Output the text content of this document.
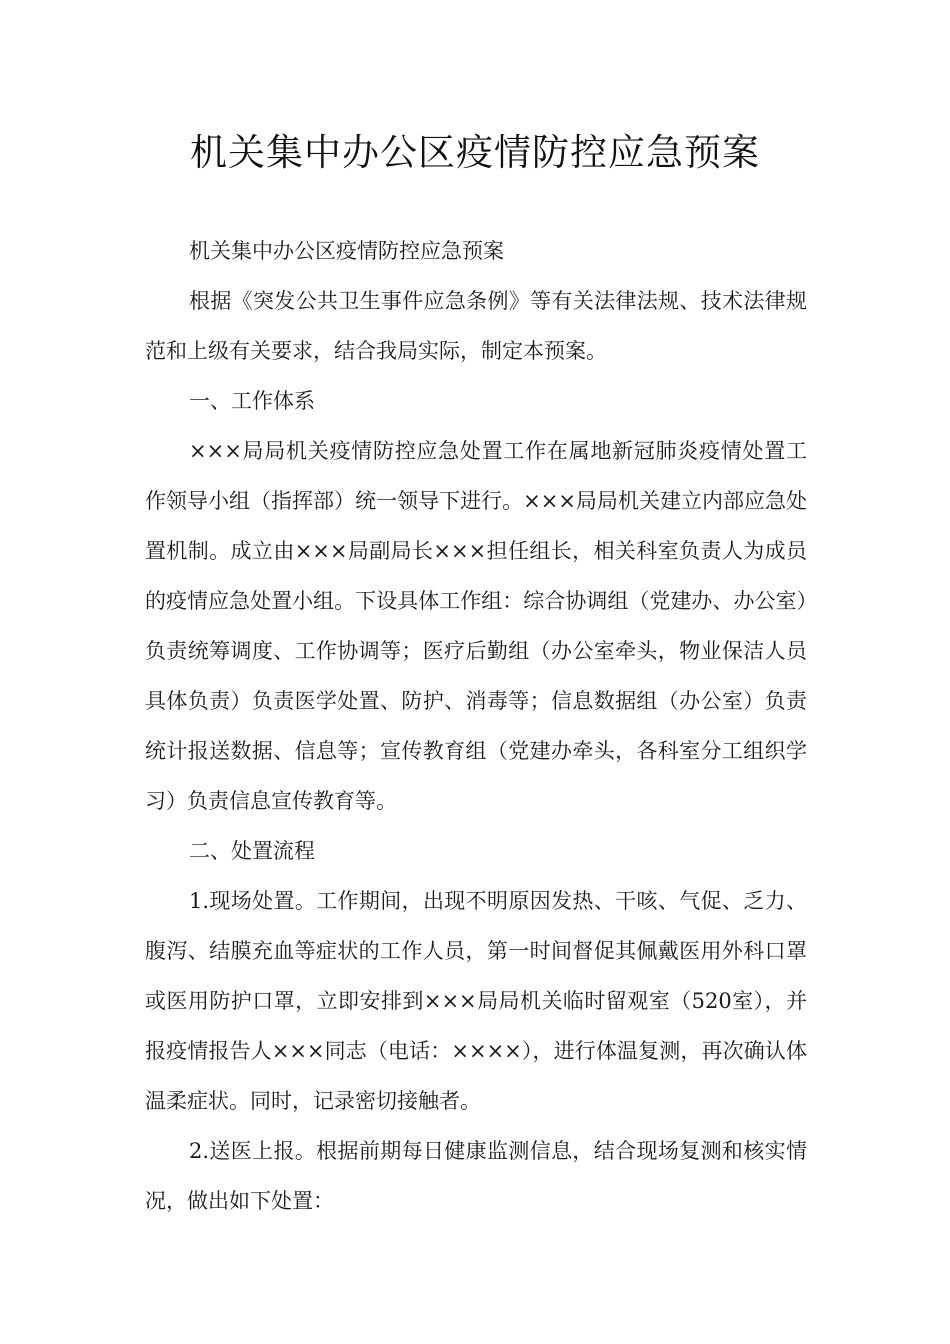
机关集中办公区疫情防控应急预案

机关集中办公区疫情防控应急预案

根据《突发公共卫生事件应急条例》等有关法律法规、技术法律规范和上级有关要求，结合我局实际，制定本预案。

一、工作体系

×××局局机关疫情防控应急处置工作在属地新冠肺炎疫情处置工作领导小组（指挥部）统一领导下进行。×××局局机关建立内部应急处置机制。成立由×××局副局长×××担任组长，相关科室负责人为成员的疫情应急处置小组。下设具体工作组：综合协调组（党建办、办公室）负责统筹调度、工作协调等；医疗后勤组（办公室牵头，物业保洁人员具体负责）负责医学处置、防护、消毒等；信息数据组（办公室）负责统计报送数据、信息等；宣传教育组（党建办牵头，各科室分工组织学习）负责信息宣传教育等。

二、处置流程

1.现场处置。工作期间，出现不明原因发热、干咳、气促、乏力、腹泻、结膜充血等症状的工作人员，第一时间督促其佩戴医用外科口罩或医用防护口罩，立即安排到×××局局机关临时留观室（520室），并报疫情报告人×××同志（电话：××××），进行体温复测，再次确认体温柔症状。同时，记录密切接触者。

2.送医上报。根据前期每日健康监测信息，结合现场复测和核实情况，做出如下处置：
